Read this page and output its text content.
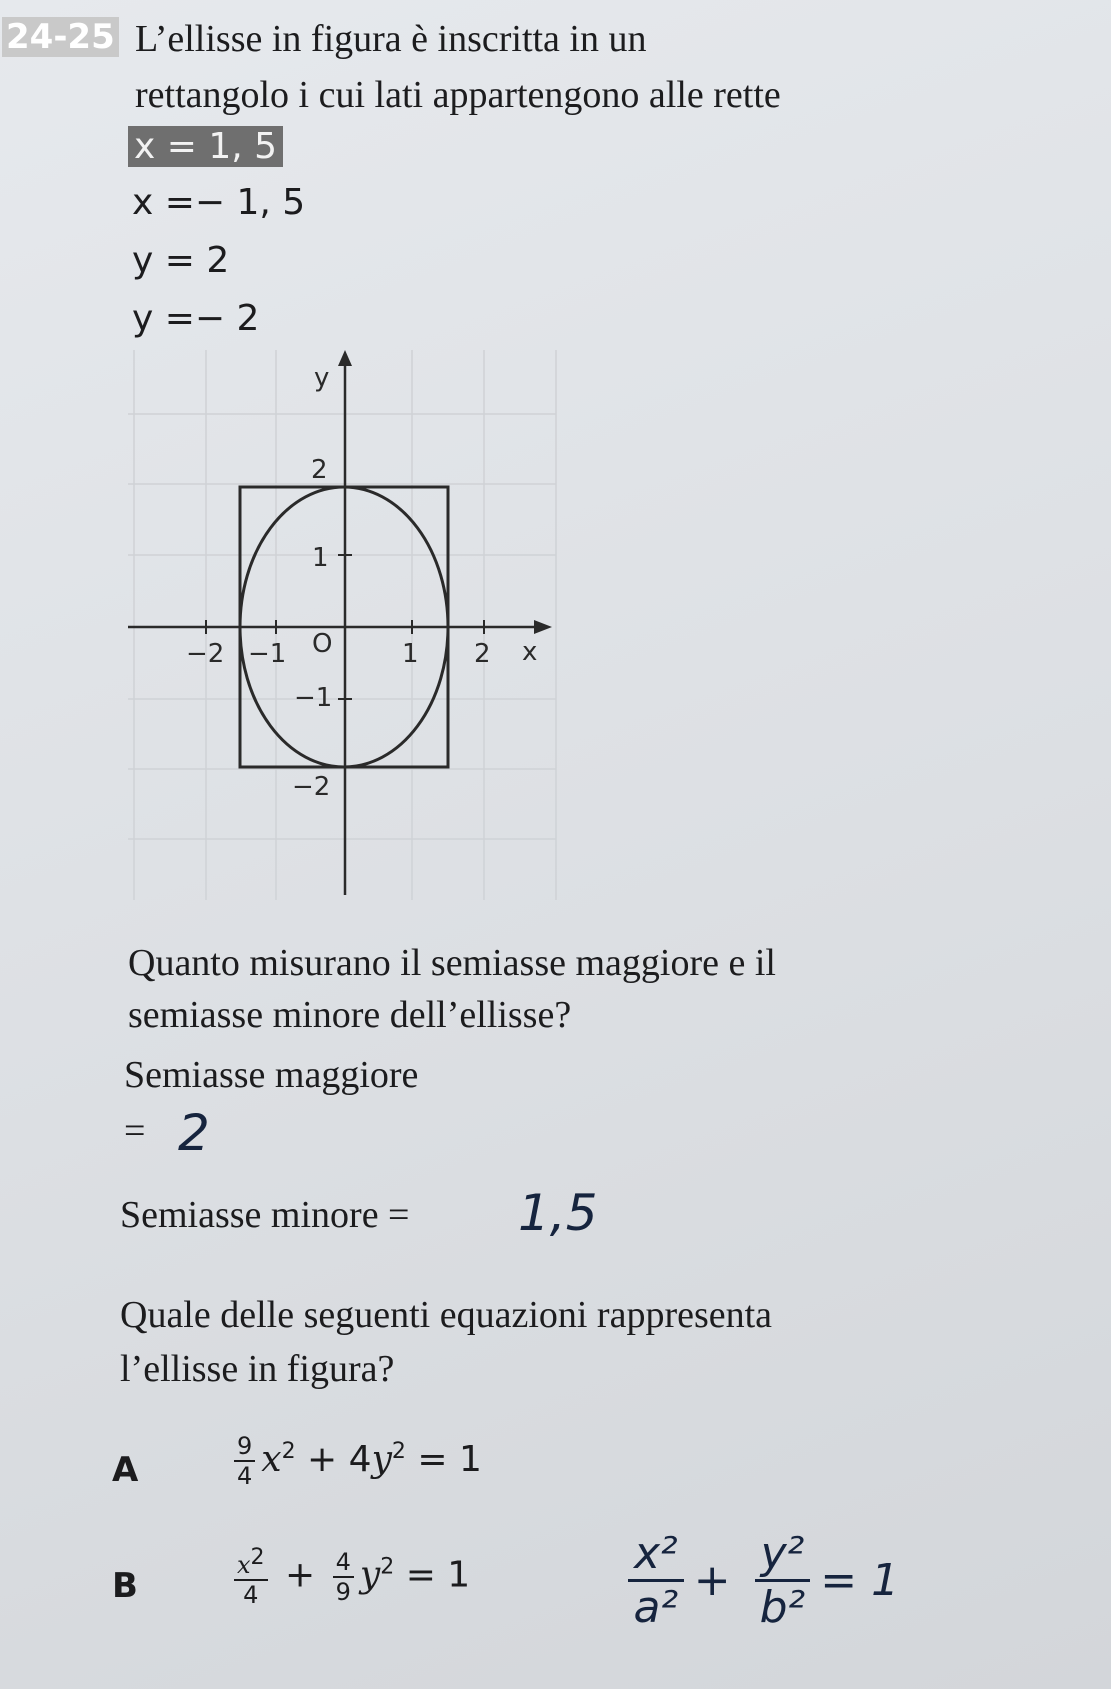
24-25 L’ellisse in figura è inscritta in un
rettangolo i cui lati appartengono alle rette
x = 1, 5
x =− 1, 5
y = 2
y =− 2
y
x
2
1
−1
−2
−2 −1	1 2
O
Quanto misurano il semiasse maggiore e il
semiasse minore dell’ellisse?
Semiasse maggiore
= 2
Semiasse minore = 1,5
Quale delle seguenti equazioni rappresenta
l’ellisse in figura?
A	$\frac{9}{4} x^2 + 4y^2 = 1$
B	$\frac{x^2}{4} + \frac{4}{9} y^2 = 1$	$\frac{\text{x²}}{\text{a²}} + \frac{\text{y²}}{\text{b²}} = 1$
